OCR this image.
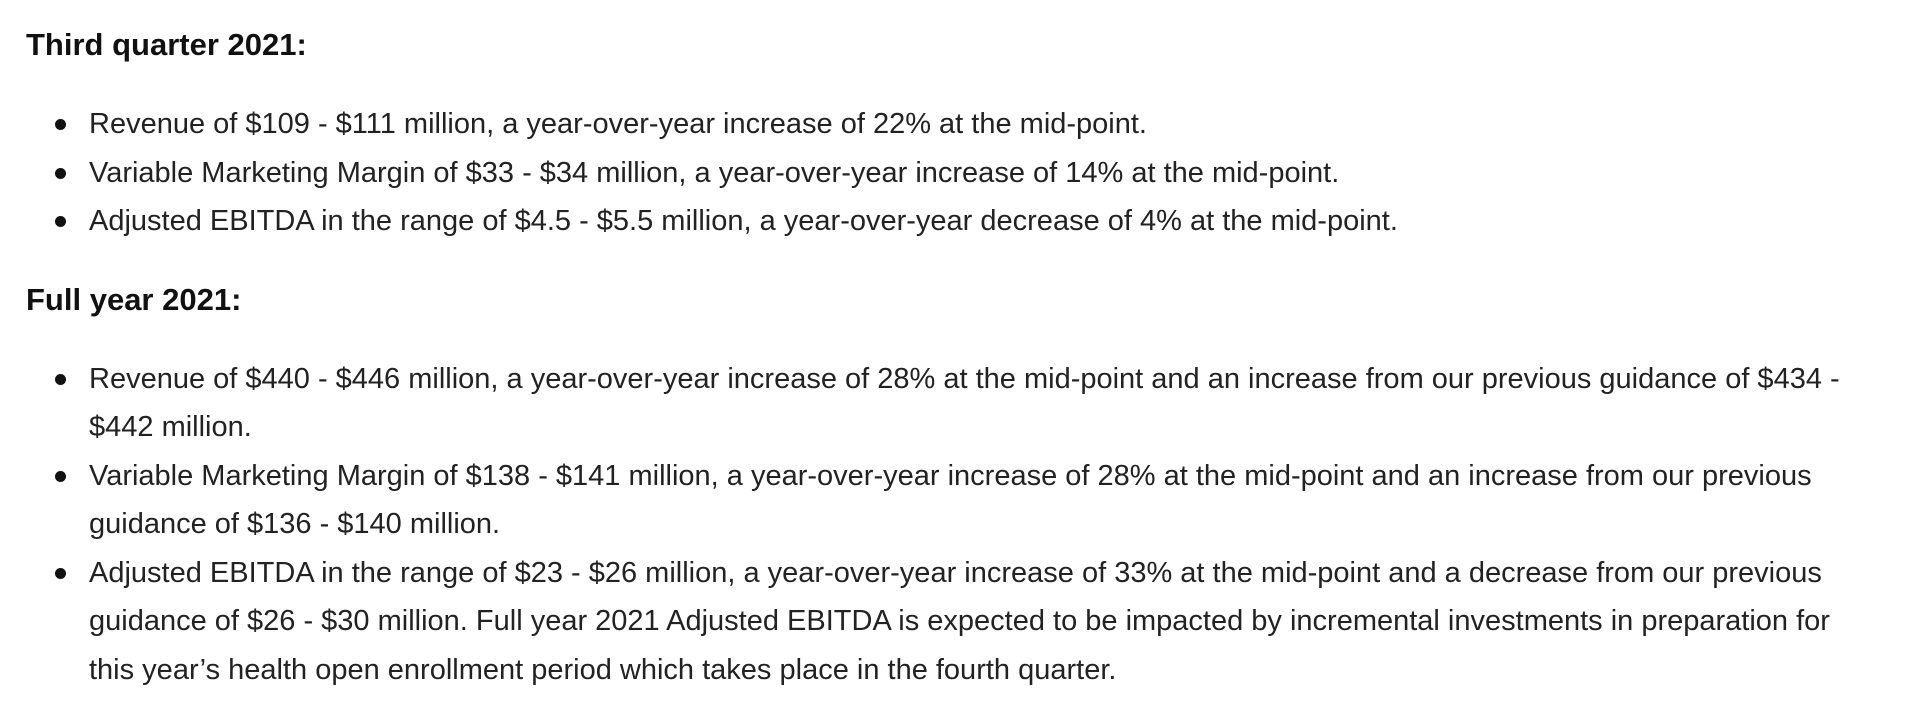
Third quarter 2021:
Revenue of $109 - $111 million, a year-over-year increase of 22% at the mid-point.
Variable Marketing Margin of $33 - $34 million, a year-over-year increase of 14% at the mid-point.
Adjusted EBITDA in the range of $4.5 - $5.5 million, a year-over-year decrease of 4% at the mid-point.
Full year 2021:
Revenue of $440 - $446 million, a year-over-year increase of 28% at the mid-point and an increase from our previous guidance of $434 - $442 million.
Variable Marketing Margin of $138 - $141 million, a year-over-year increase of 28% at the mid-point and an increase from our previous guidance of $136 - $140 million.
Adjusted EBITDA in the range of $23 - $26 million, a year-over-year increase of 33% at the mid-point and a decrease from our previous guidance of $26 - $30 million. Full year 2021 Adjusted EBITDA is expected to be impacted by incremental investments in preparation for this year’s health open enrollment period which takes place in the fourth quarter.
